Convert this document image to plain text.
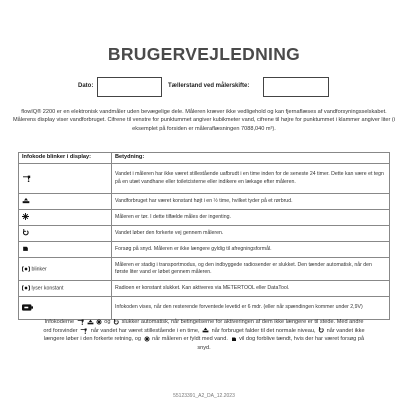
BRUGERVEJLEDNING
Dato:	Tællerstand ved målerskifte:

flowIQ® 2200 er en elektronisk vandmåler uden bevægelige dele. Måleren kræver ikke vedligehold og kan fjernaflæses af vandforsyningsselskabet.

Målerens display viser vandforbruget. Cifrene til venstre for punktummet angiver kubikmeter vand, cifrene til højre for punktummet i klammer angiver liter (i eksemplet på forsiden er måleraflæsningen 7088,040 m³).

Infokode blinker i display:	Betydning:
	Vandet i måleren har ikke været stillestående uafbrudt i en time inden for de seneste 24 timer. Dette kan være et tegn på en utæt vandhane eller toiletcisterne eller indikere en lækage efter måleren.
	Vandforbruget har været konstant højt i en ½ time, hvilket tyder på et rørbrud.
	Måleren er tør. I dette tilfælde måles der ingenting.
	Vandet løber den forkerte vej gennem måleren.
	Forsøg på snyd. Måleren er ikke længere gyldig til afregningsformål.
blinker	Måleren er stadig i transportmodus, og den indbyggede radiosender er slukket. Den tænder automatisk, når den første liter vand er løbet gennem måleren.
lyser konstant	Radioen er konstant slukket. Kan aktiveres via METERTOOL eller DataTool.
	Infokoden vises, når den resterende forventede levetid er 6 mdr. (eller når spændingen kommer under 2,9V)
Infokoderne	og slukker automatisk, når betingelserne for aktiveringen af dem ikke længere er til stede. Med andre ord forsvinder når vandet har været stillestående i en time, når forbruget falder til det normale niveau, når vandet ikke længere løber i den forkerte retning, og når måleren er fyldt med vand. vil dog forblive tændt, hvis der har været forsøg på snyd.
55123391_A2_DA_12.2023
